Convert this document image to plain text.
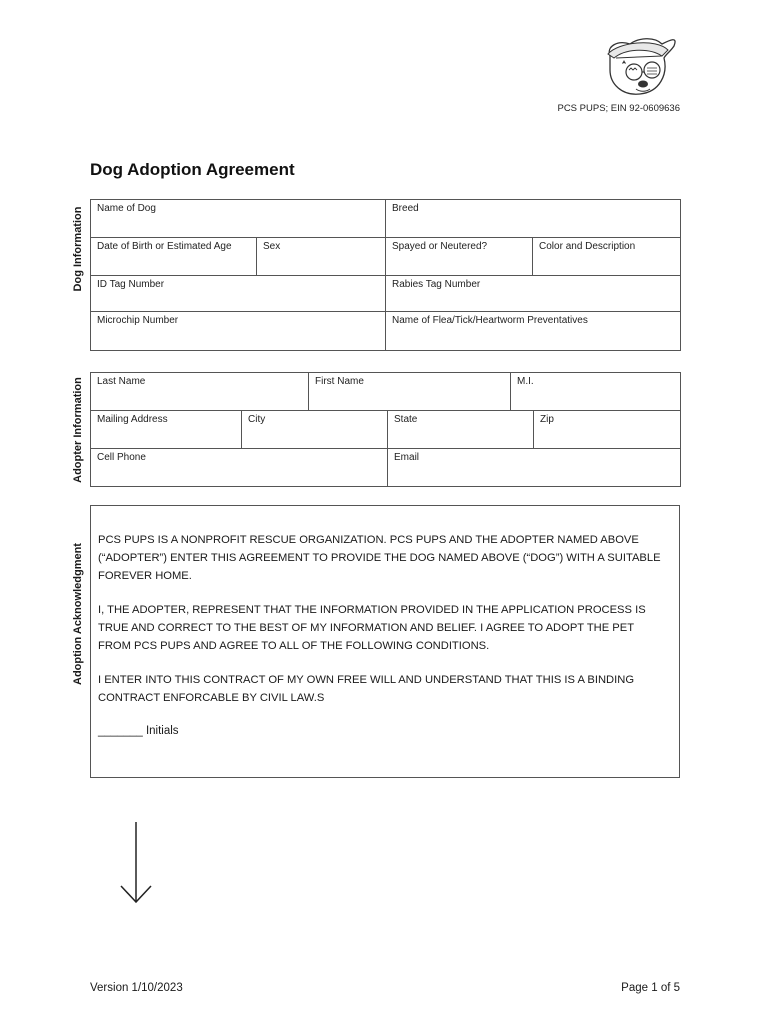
PCS PUPS; EIN 92-0609636
Dog Adoption Agreement
Dog Information
Adopter Information
Adoption Acknowledgment
Name of Dog		Breed	
Date of Birth or Estimated Age	Sex	Spayed or Neutered?	Color and Description
ID Tag Number		Rabies Tag Number	
Microchip Number		Name of Flea/Tick/Heartworm Preventatives	
Last Name		First Name		M.I.	
Mailing Address	City		State		Zip
Cell Phone			Email		
PCS PUPS IS A NONPROFIT RESCUE ORGANIZATION. PCS PUPS AND THE ADOPTER NAMED ABOVE (“ADOPTER”) ENTER THIS AGREEMENT TO PROVIDE THE DOG NAMED ABOVE (“DOG”) WITH A SUITABLE FOREVER HOME.
I, THE ADOPTER, REPRESENT THAT THE INFORMATION PROVIDED IN THE APPLICATION PROCESS IS TRUE AND CORRECT TO THE BEST OF MY INFORMATION AND BELIEF. I AGREE TO ADOPT THE PET FROM PCS PUPS AND AGREE TO ALL OF THE FOLLOWING CONDITIONS.
I ENTER INTO THIS CONTRACT OF MY OWN FREE WILL AND UNDERSTAND THAT THIS IS A BINDING CONTRACT ENFORCABLE BY CIVIL LAW.S
_______ Initials
Version 1/10/2023	Page 1 of 5
